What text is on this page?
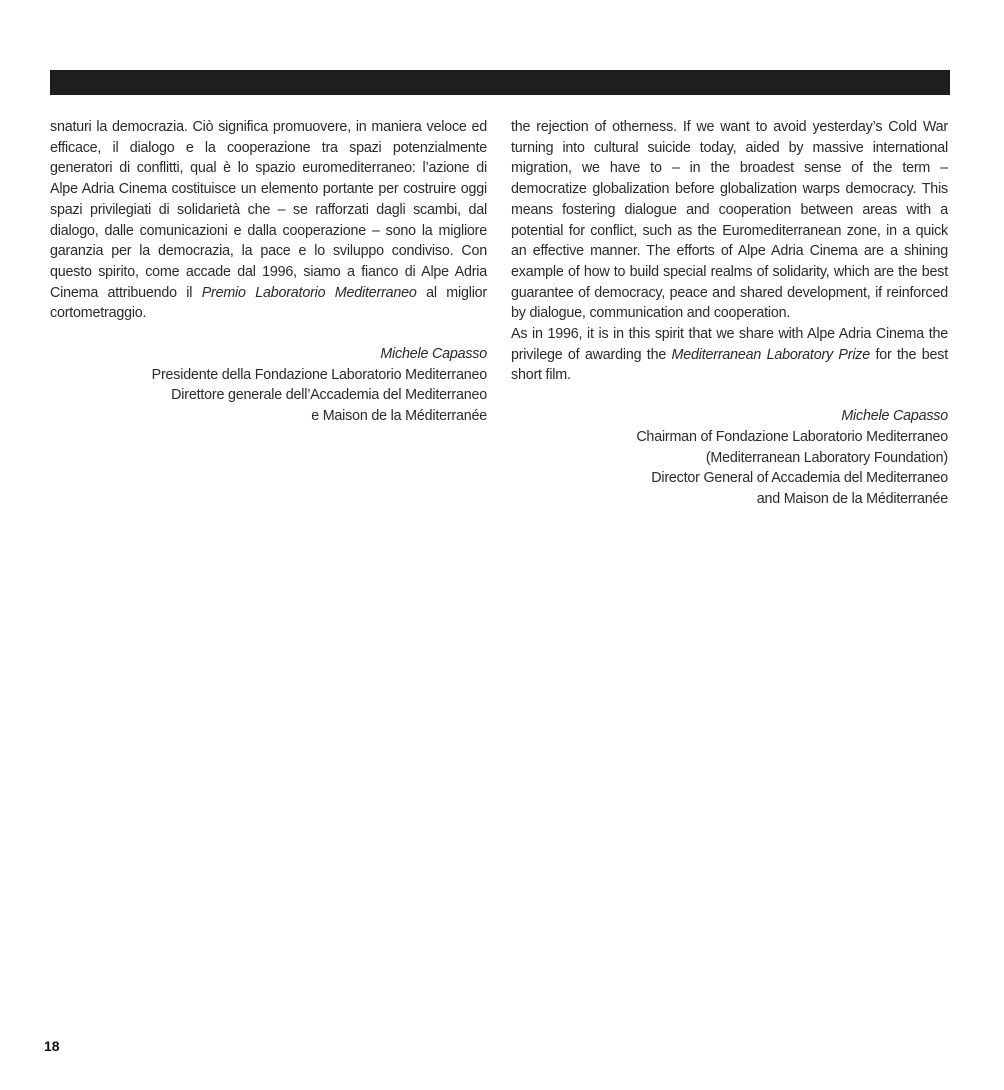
snaturi la democrazia. Ciò significa promuovere, in maniera veloce ed efficace, il dialogo e la cooperazione tra spazi potenzialmente generatori di conflitti, qual è lo spazio euromediterraneo: l’azione di Alpe Adria Cinema costituisce un elemento portante per costruire oggi spazi privilegiati di solidarietà che – se rafforzati dagli scambi, dal dialogo, dalle comunicazioni e dalla cooperazione – sono la migliore garanzia per la democrazia, la pace e lo sviluppo condiviso. Con questo spirito, come accade dal 1996, siamo a fianco di Alpe Adria Cinema attribuendo il Premio Laboratorio Mediterraneo al miglior cortometraggio.

Michele Capasso
Presidente della Fondazione Laboratorio Mediterraneo
Direttore generale dell’Accademia del Mediterraneo
e Maison de la Méditerranée

the rejection of otherness. If we want to avoid yesterday’s Cold War turning into cultural suicide today, aided by massive international migration, we have to – in the broadest sense of the term – democratize globalization before globalization warps democracy. This means fostering dialogue and cooperation between areas with a potential for conflict, such as the Euromediterranean zone, in a quick an effective manner. The efforts of Alpe Adria Cinema are a shining example of how to build special realms of solidarity, which are the best guarantee of democracy, peace and shared development, if reinforced by dialogue, communication and cooperation.

As in 1996, it is in this spirit that we share with Alpe Adria Cinema the privilege of awarding the Mediterranean Laboratory Prize for the best short film.

Michele Capasso
Chairman of Fondazione Laboratorio Mediterraneo
(Mediterranean Laboratory Foundation)
Director General of Accademia del Mediterraneo
and Maison de la Méditerranée
18
